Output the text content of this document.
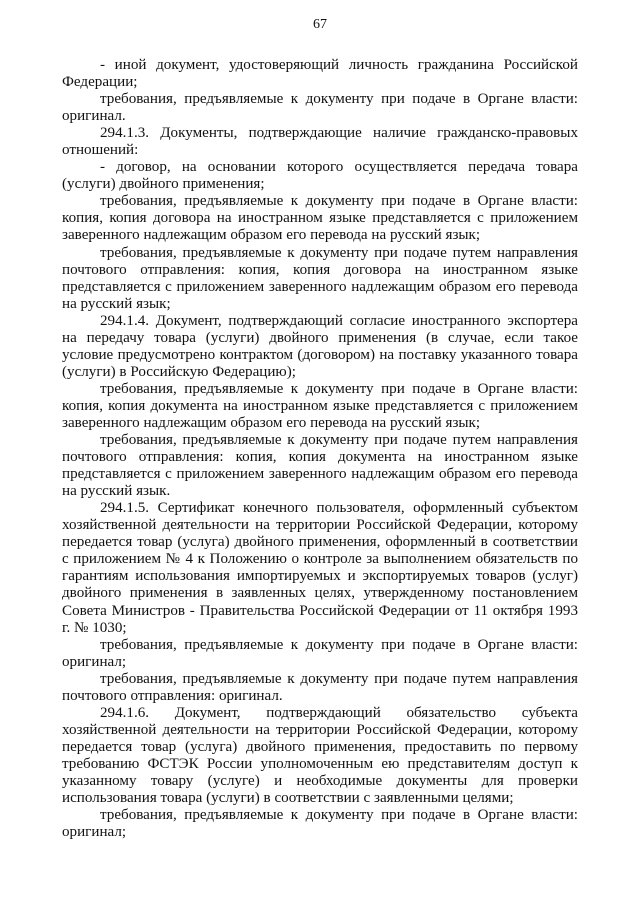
67

- иной документ, удостоверяющий личность гражданина Российской Федерации;

требования, предъявляемые к документу при подаче в Органе власти: оригинал.

294.1.3. Документы, подтверждающие наличие гражданско-правовых отношений:

- договор, на основании которого осуществляется передача товара (услуги) двойного применения;

требования, предъявляемые к документу при подаче в Органе власти: копия, копия договора на иностранном языке представляется с приложением заверенного надлежащим образом его перевода на русский язык;

требования, предъявляемые к документу при подаче путем направления почтового отправления: копия, копия договора на иностранном языке представляется с приложением заверенного надлежащим образом его перевода на русский язык;

294.1.4. Документ, подтверждающий согласие иностранного экспортера на передачу товара (услуги) двойного применения (в случае, если такое условие предусмотрено контрактом (договором) на поставку указанного товара (услуги) в Российскую Федерацию);

требования, предъявляемые к документу при подаче в Органе власти: копия, копия документа на иностранном языке представляется с приложением заверенного надлежащим образом его перевода на русский язык;

требования, предъявляемые к документу при подаче путем направления почтового отправления: копия, копия документа на иностранном языке представляется с приложением заверенного надлежащим образом его перевода на русский язык.

294.1.5. Сертификат конечного пользователя, оформленный субъектом хозяйственной деятельности на территории Российской Федерации, которому передается товар (услуга) двойного применения, оформленный в соответствии с приложением № 4 к Положению о контроле за выполнением обязательств по гарантиям использования импортируемых и экспортируемых товаров (услуг) двойного применения в заявленных целях, утвержденному постановлением Совета Министров - Правительства Российской Федерации от 11 октября 1993 г. № 1030;

требования, предъявляемые к документу при подаче в Органе власти: оригинал;

требования, предъявляемые к документу при подаче путем направления почтового отправления: оригинал.

294.1.6. Документ, подтверждающий обязательство субъекта хозяйственной деятельности на территории Российской Федерации, которому передается товар (услуга) двойного применения, предоставить по первому требованию ФСТЭК России уполномоченным ею представителям доступ к указанному товару (услуге) и необходимые документы для проверки использования товара (услуги) в соответствии с заявленными целями;

требования, предъявляемые к документу при подаче в Органе власти: оригинал;
